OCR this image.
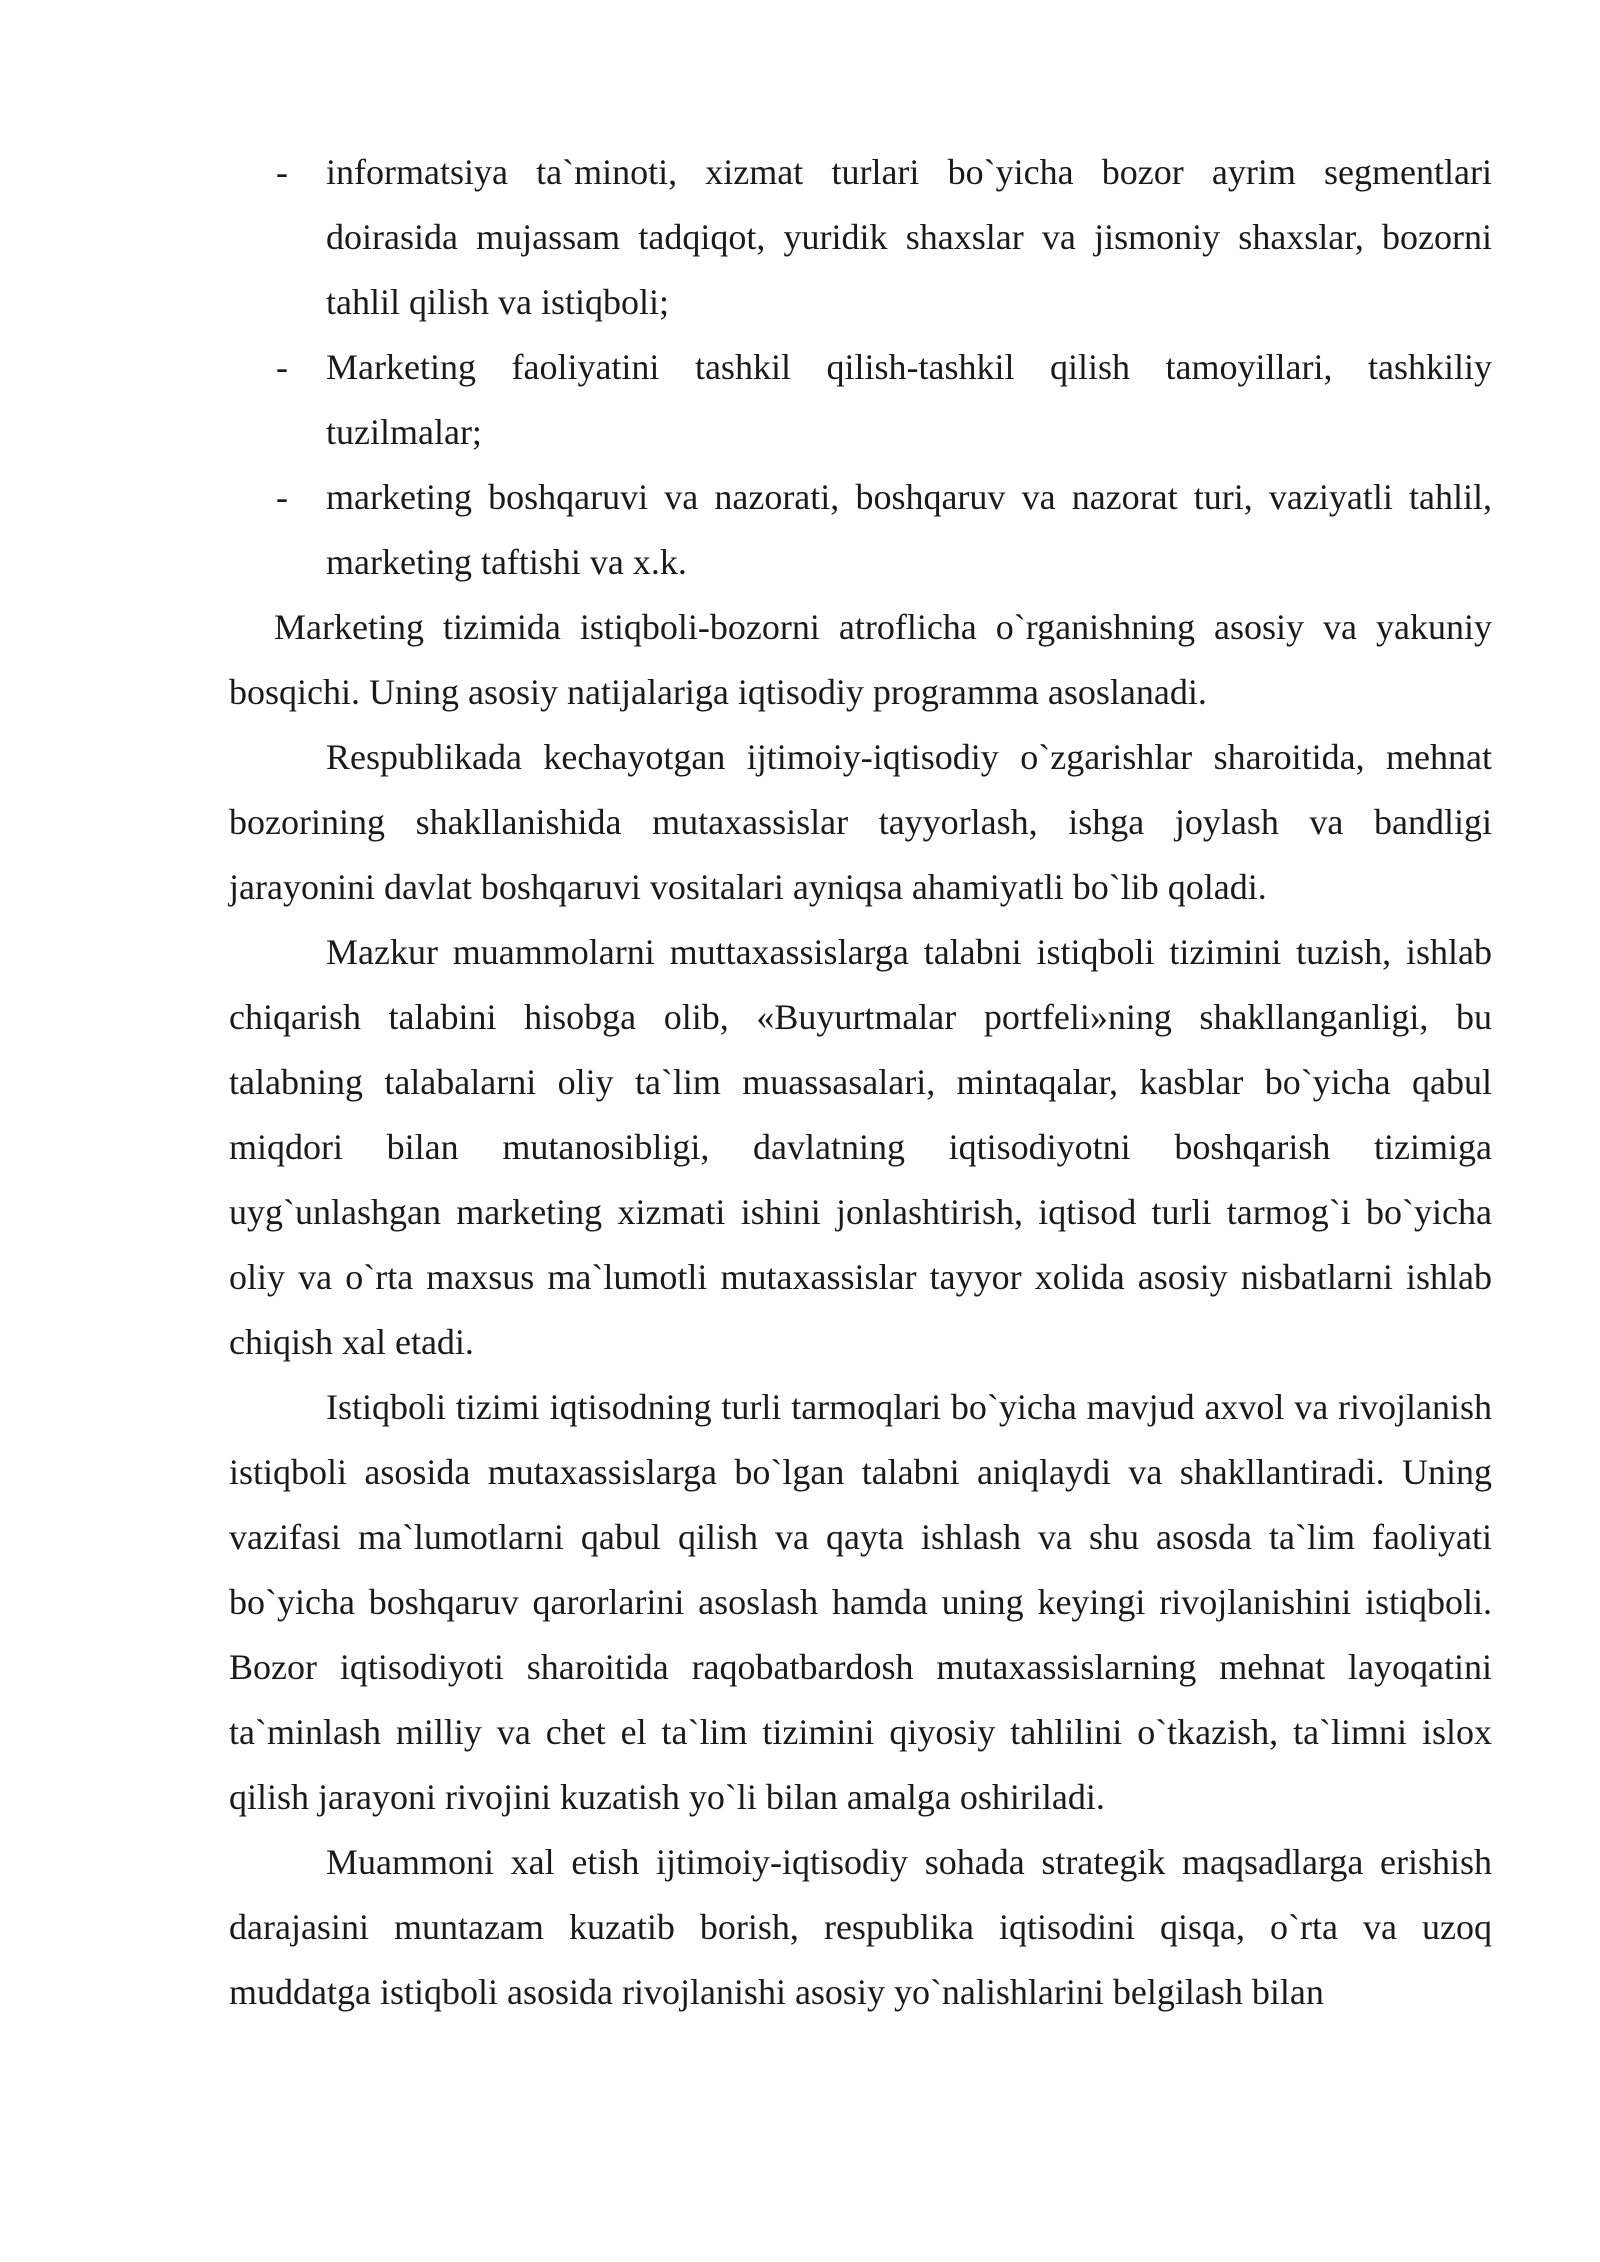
- informatsiya ta`minoti, xizmat turlari bo`yicha bozor ayrim segmentlari doirasida mujassam tadqiqot, yuridik shaxslar va jismoniy shaxslar, bozorni tahlil qilish va istiqboli;
- Marketing faoliyatini tashkil qilish-tashkil qilish tamoyillari, tashkiliy tuzilmalar;
- marketing boshqaruvi va nazorati, boshqaruv va nazorat turi, vaziyatli tahlil, marketing taftishi va x.k.

Marketing tizimida istiqboli-bozorni atroflicha o`rganishning asosiy va yakuniy bosqichi. Uning asosiy natijalariga iqtisodiy programma asoslanadi.

Respublikada kechayotgan ijtimoiy-iqtisodiy o`zgarishlar sharoitida, mehnat bozorining shakllanishida mutaxassislar tayyorlash, ishga joylash va bandligi jarayonini davlat boshqaruvi vositalari ayniqsa ahamiyatli bo`lib qoladi.

Mazkur muammolarni muttaxassislarga talabni istiqboli tizimini tuzish, ishlab chiqarish talabini hisobga olib, «Buyurtmalar portfeli»ning shakllanganligi, bu talabning talabalarni oliy ta`lim muassasalari, mintaqalar, kasblar bo`yicha qabul miqdori bilan mutanosibligi, davlatning iqtisodiyotni boshqarish tizimiga uyg`unlashgan marketing xizmati ishini jonlashtirish, iqtisod turli tarmog`i bo`yicha oliy va o`rta maxsus ma`lumotli mutaxassislar tayyor xolida asosiy nisbatlarni ishlab chiqish xal etadi.

Istiqboli tizimi iqtisodning turli tarmoqlari bo`yicha mavjud axvol va rivojlanish istiqboli asosida mutaxassislarga bo`lgan talabni aniqlaydi va shakllantiradi. Uning vazifasi ma`lumotlarni qabul qilish va qayta ishlash va shu asosda ta`lim faoliyati bo`yicha boshqaruv qarorlarini asoslash hamda uning keyingi rivojlanishini istiqboli. Bozor iqtisodiyoti sharoitida raqobatbardosh mutaxassislarning mehnat layoqatini ta`minlash milliy va chet el ta`lim tizimini qiyosiy tahlilini o`tkazish, ta`limni islox qilish jarayoni rivojini kuzatish yo`li bilan amalga oshiriladi.

Muammoni xal etish ijtimoiy-iqtisodiy sohada strategik maqsadlarga erishish darajasini muntazam kuzatib borish, respublika iqtisodini qisqa, o`rta va uzoq muddatga istiqboli asosida rivojlanishi asosiy yo`nalishlarini belgilash bilan
